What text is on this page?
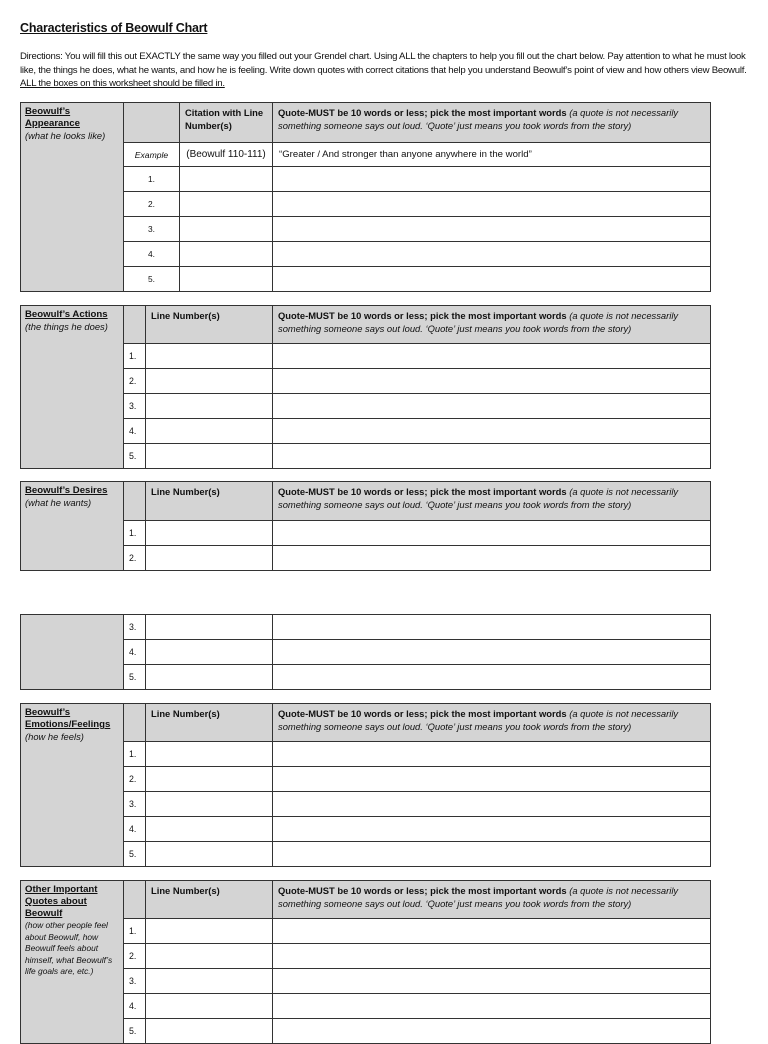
Characteristics of Beowulf Chart
Directions: You will fill this out EXACTLY the same way you filled out your Grendel chart. Using ALL the chapters to help you fill out the chart below. Pay attention to what he must look like, the things he does, what he wants, and how he is feeling. Write down quotes with correct citations that help you understand Beowulf’s point of view and how others view Beowulf. ALL the boxes on this worksheet should be filled in.
Beowulf’s Appearance
(what he looks like)		Citation with Line Number(s)	Quote-MUST be 10 words or less; pick the most important words (a quote is not necessarily something someone says out loud. ‘Quote’ just means you took words from the story)
	Example	(Beowulf 110-111)	“Greater / And stronger than anyone anywhere in the world”
	1.		
	2.		
	3.		
	4.		
	5.		
Beowulf’s Actions
(the things he does)		Line Number(s)	Quote-MUST be 10 words or less; pick the most important words (a quote is not necessarily something someone says out loud. ‘Quote’ just means you took words from the story)
	1.		
	2.		
	3.		
	4.		
	5.		
Beowulf’s Desires
(what he wants)		Line Number(s)	Quote-MUST be 10 words or less; pick the most important words (a quote is not necessarily something someone says out loud. ‘Quote’ just means you took words from the story)
	1.		
	2.		
	3.		
	4.		
	5.		
Beowulf’s Emotions/Feelings
(how he feels)		Line Number(s)	Quote-MUST be 10 words or less; pick the most important words (a quote is not necessarily something someone says out loud. ‘Quote’ just means you took words from the story)
	1.		
	2.		
	3.		
	4.		
	5.		
Other Important Quotes about Beowulf
(how other people feel about Beowulf, how Beowulf feels about himself, what Beowulf’s life goals are, etc.)		Line Number(s)	Quote-MUST be 10 words or less; pick the most important words (a quote is not necessarily something someone says out loud. ‘Quote’ just means you took words from the story)
	1.		
	2.		
	3.		
	4.		
	5.		
